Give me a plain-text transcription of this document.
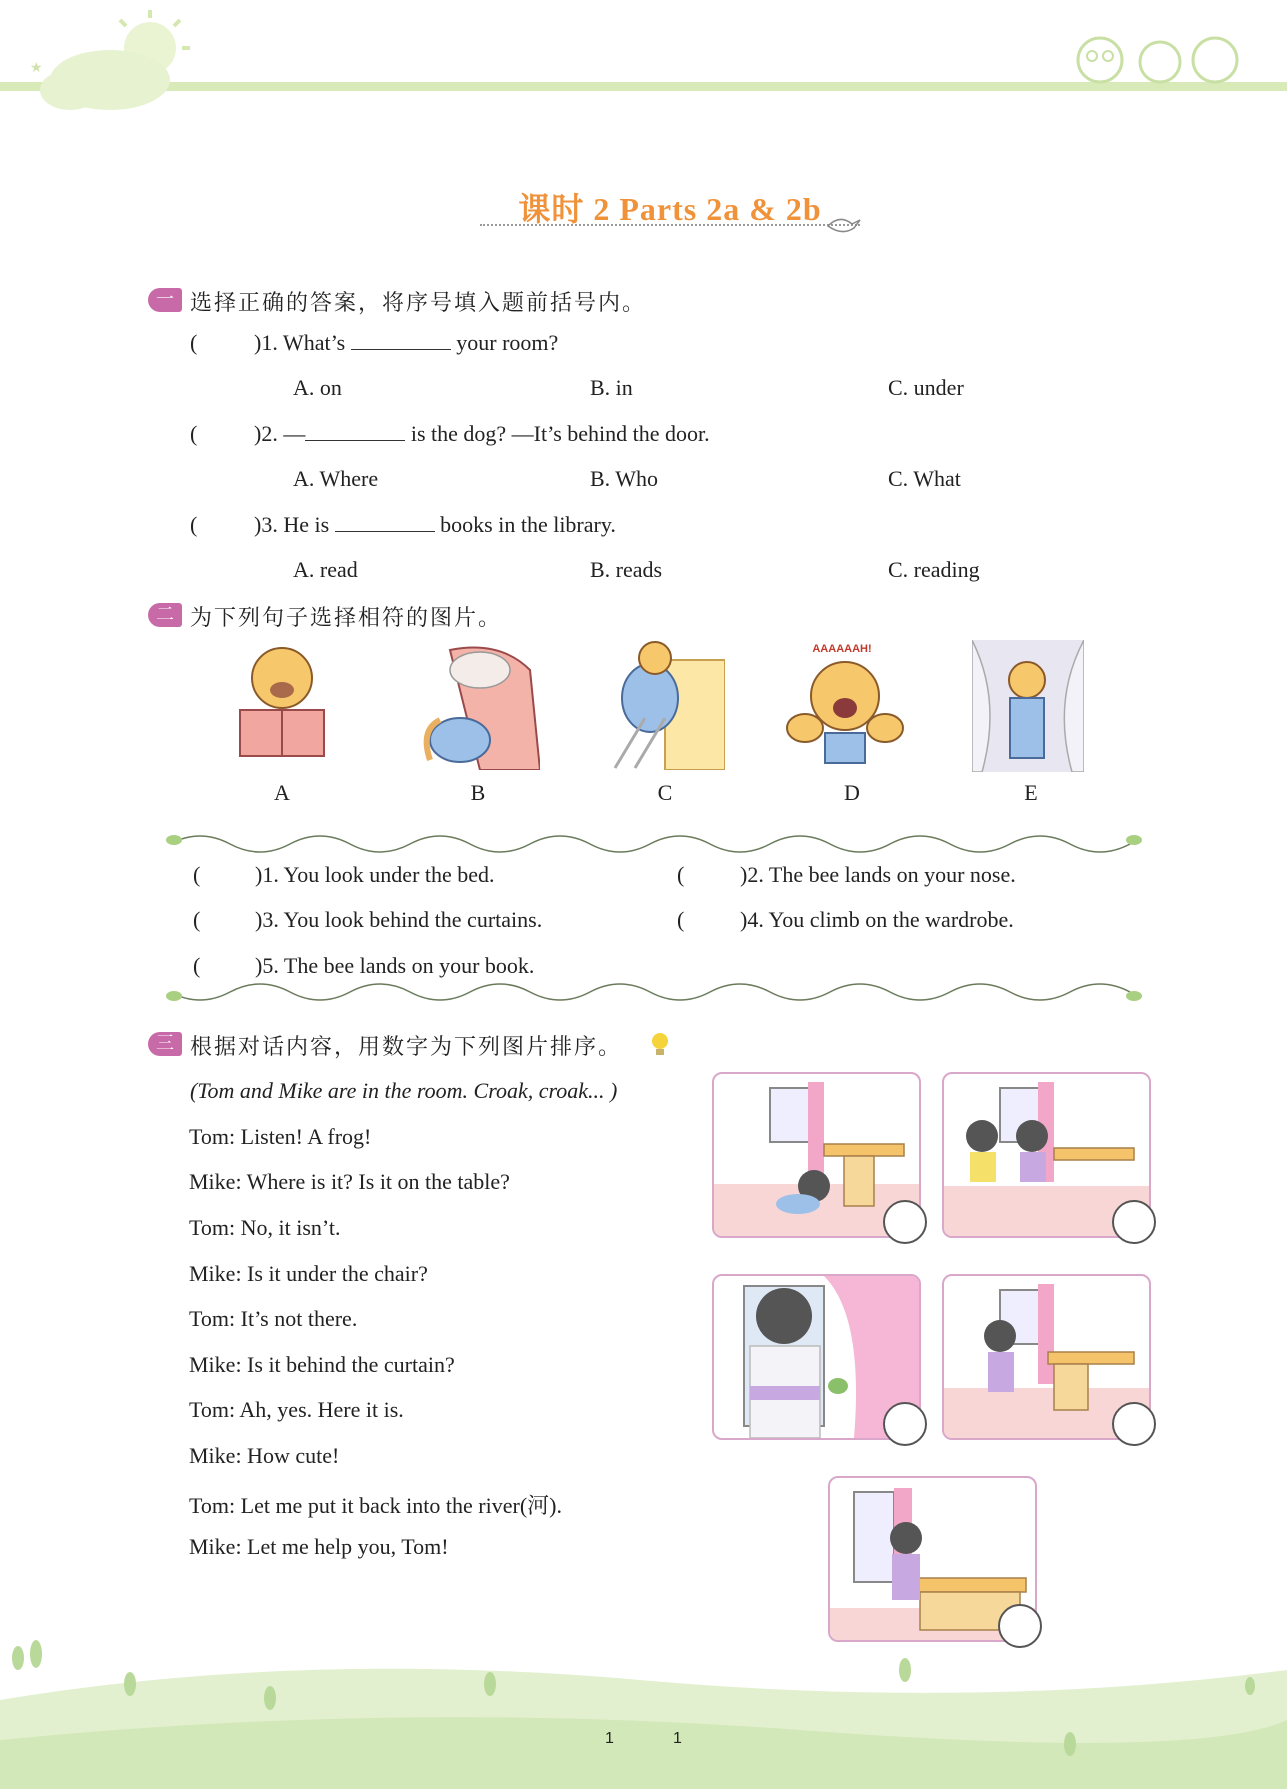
★
课时 2 Parts 2a & 2b
一 选择正确的答案，将序号填入题前括号内。
(	)1. What’s	your room?
A. on	B. in	C. under
(	)2. —	is the dog? —It’s behind the door.
A. Where	B. Who	C. What
(	)3. He is	books in the library.
A. read	B. reads	C. reading
二 为下列句子选择相符的图片。
AAAAAAH!
A	B	C	D	E
( )1. You look under the bed.	(	)2. The bee lands on your nose.
( )3. You look behind the curtains.	(	)4. You climb on the wardrobe.
( )5. The bee lands on your book.
三 根据对话内容，用数字为下列图片排序。
(Tom and Mike are in the room. Croak, croak... )
Tom: Listen! A frog!
Mike: Where is it? Is it on the table?
Tom: No, it isn’t.
Mike: Is it under the chair?
Tom: It’s not there.
Mike: Is it behind the curtain?
Tom: Ah, yes. Here it is.
Mike: How cute!
Tom: Let me put it back into the river(河).
Mike: Let me help you, Tom!
1	1
